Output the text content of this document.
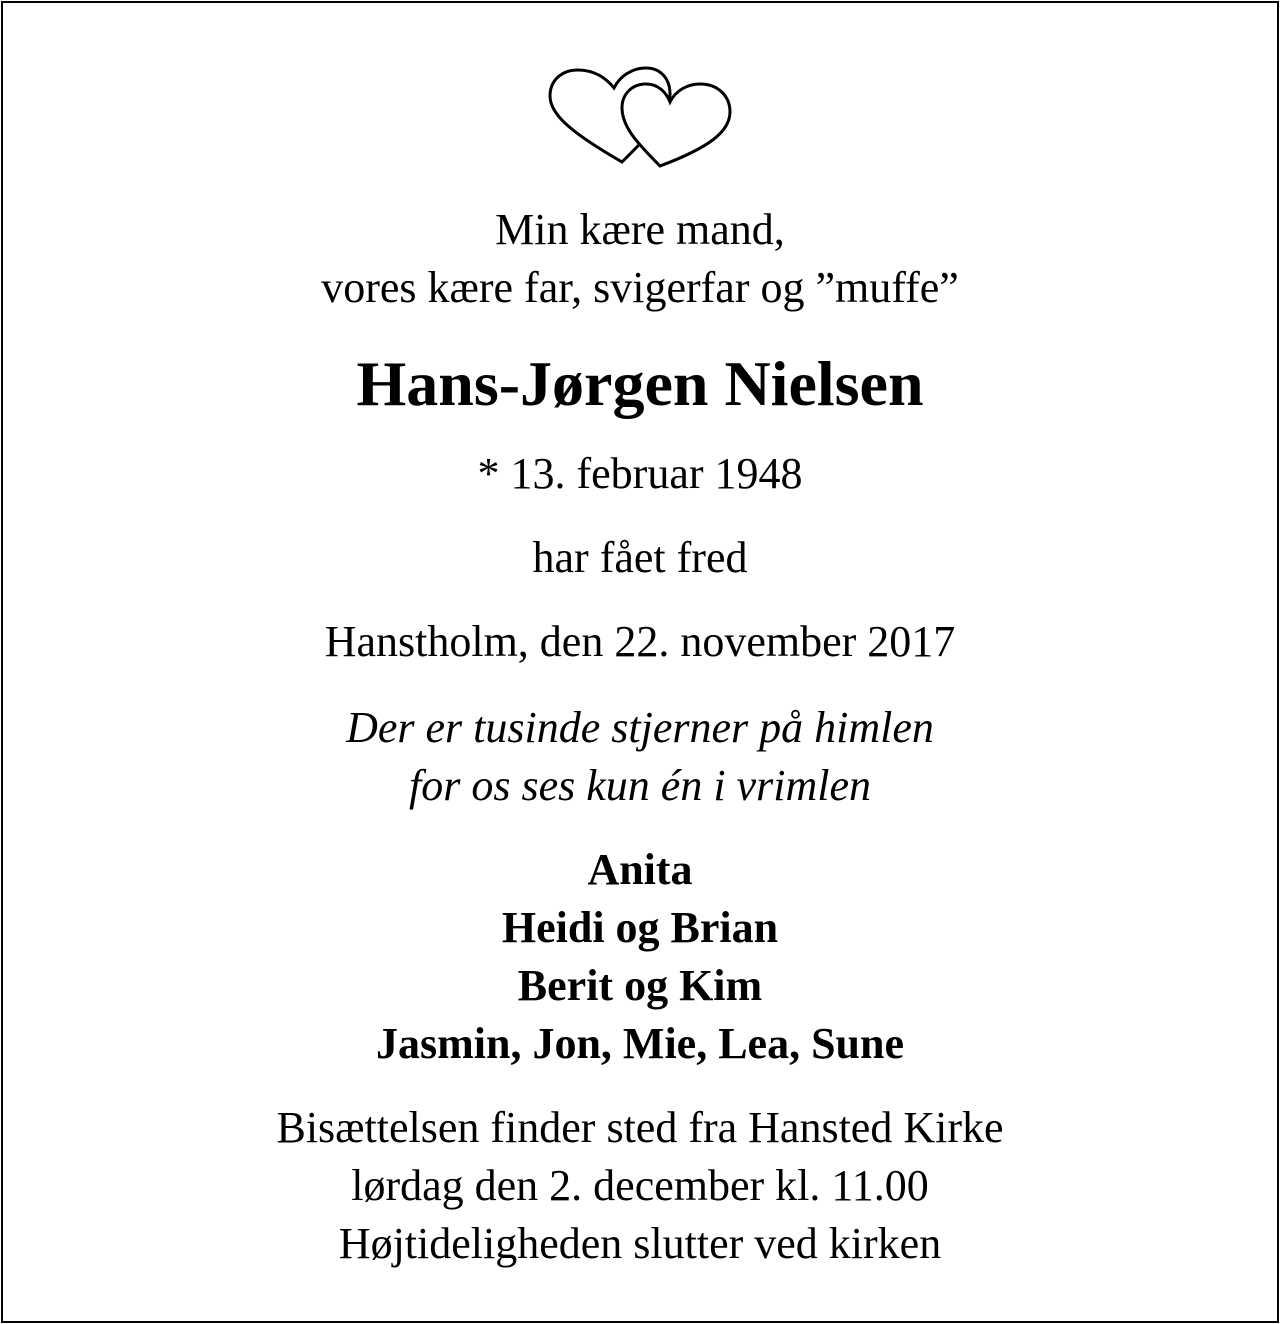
Min kære mand,
vores kære far, svigerfar og ”muffe”
Hans-Jørgen Nielsen
* 13. februar 1948
har fået fred
Hanstholm, den 22. november 2017
Der er tusinde stjerner på himlen
for os ses kun én i vrimlen
Anita
Heidi og Brian
Berit og Kim
Jasmin, Jon, Mie, Lea, Sune
Bisættelsen finder sted fra Hansted Kirke
lørdag den 2. december kl. 11.00
Højtideligheden slutter ved kirken
